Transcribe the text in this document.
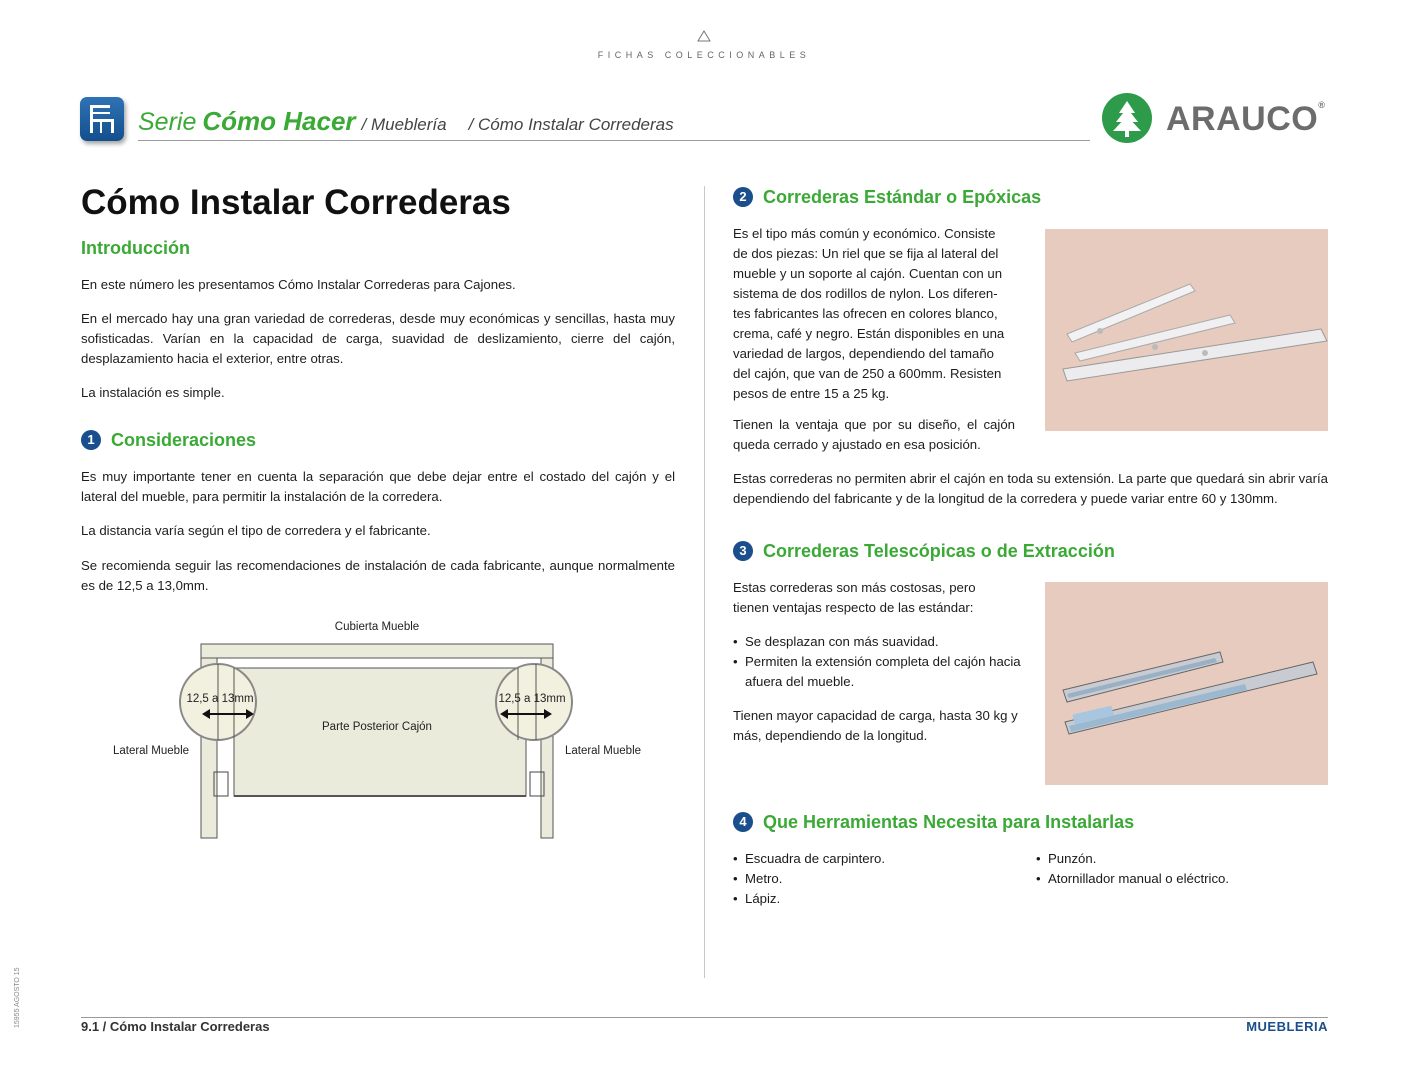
FICHAS COLECCIONABLES
Serie Cómo Hacer / Mueblería / Cómo Instalar Correderas	ARAUCO®
Cómo Instalar Correderas
Introducción
En este número les presentamos Cómo Instalar Correderas para Cajones.
En el mercado hay una gran variedad de correderas, desde muy económicas y sencillas, hasta muy sofisticadas. Varían en la capacidad de carga, suavidad de deslizamiento, cierre del cajón, desplazamiento hacia el exterior, entre otras.
La instalación es simple.
1 Consideraciones
Es muy importante tener en cuenta la separación que debe dejar entre el costado del cajón y el lateral del mueble, para permitir la instalación de la corredera.
La distancia varía según el tipo de corredera y el fabricante.
Se recomienda seguir las recomendaciones de instalación de cada fabricante, aunque normalmente es de 12,5 a 13,0mm.
Cubierta Mueble
Parte Posterior Cajón
12,5 a 13mm	12,5 a 13mm
Lateral Mueble	Lateral Mueble
2 Correderas Estándar o Epóxicas
Es el tipo más común y económico. Consiste
de dos piezas: Un riel que se fija al lateral del
mueble y un soporte al cajón. Cuentan con un
sistema de dos rodillos de nylon. Los diferen-
tes fabricantes las ofrecen en colores blanco,
crema, café y negro. Están disponibles en una
variedad de largos, dependiendo del tamaño
del cajón, que van de 250 a 600mm. Resisten
pesos de entre 15 a 25 kg.
Tienen la ventaja que por su diseño, el cajón queda cerrado y ajustado en esa posición.
Estas correderas no permiten abrir el cajón en toda su extensión. La parte que quedará sin abrir varía dependiendo del fabricante y de la longitud de la corredera y puede variar entre 60 y 130mm.
3 Correderas Telescópicas o de Extracción
Estas correderas son más costosas, pero tienen ventajas respecto de las estándar:
• Se desplazan con más suavidad.
• Permiten la extensión completa del cajón hacia afuera del mueble.
Tienen mayor capacidad de carga, hasta 30 kg y más, dependiendo de la longitud.
4 Que Herramientas Necesita para Instalarlas
• Escuadra de carpintero.
• Metro.
• Lápiz.
• Punzón.
• Atornillador manual o eléctrico.
15955 AGOSTO 15	9.1 / Cómo Instalar Correderas	MUEBLERIA
